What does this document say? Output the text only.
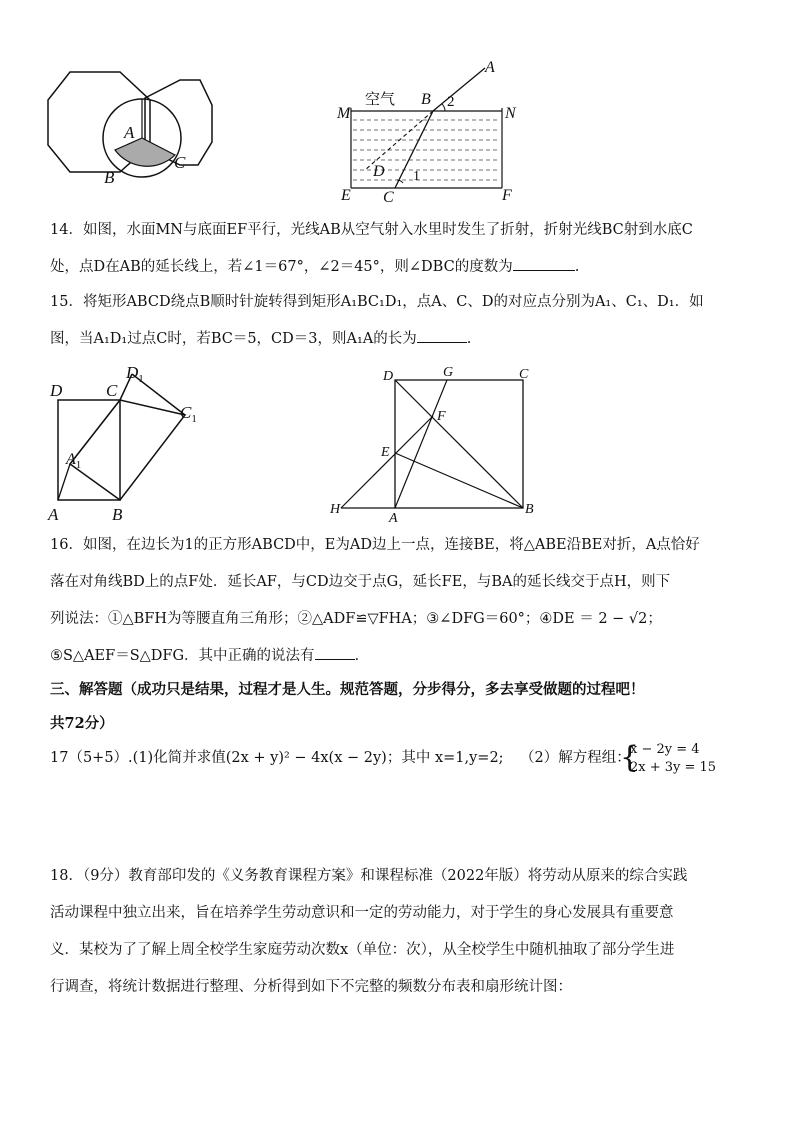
A
B
C
A
B 2
空气
M	N
D 1
E C	F
14．如图，水面MN与底面EF平行，光线AB从空气射入水里时发生了折射，折射光线BC射到水底C
处，点D在AB的延长线上，若∠1＝67°，∠2＝45°，则∠DBC的度数为	.
15．将矩形ABCD绕点B顺时针旋转得到矩形A₁BC₁D₁，点A、C、D的对应点分别为A₁、C₁、D₁．如
图，当A₁D₁过点C时，若BC＝5，CD＝3，则A₁A的长为	.
D	C
$D_1$
$C_1$
$A_1$
A	B
D	G	C
F
E
H
A
B
16．如图，在边长为1的正方形ABCD中，E为AD边上一点，连接BE，将△ABE沿BE对折，A点恰好
落在对角线BD上的点F处．延长AF，与CD边交于点G，延长FE，与BA的延长线交于点H，则下
列说法：①△BFH为等腰直角三角形；②△ADF≌▽FHA；③∠DFG＝60°；④DE ＝ 2 − √2；
⑤S△AEF＝S△DFG．其中正确的说法有	．
三、解答题（成功只是结果，过程才是人生。规范答题，分步得分，多去享受做题的过程吧！
共72分）
17（5+5）.(1)化简并求值(2x + y)² − 4x(x − 2y)；其中 x=1,y=2; （2）解方程组：
{
x − 2y = 4
2x + 3y = 15
18．（9分）教育部印发的《义务教育课程方案》和课程标准（2022年版）将劳动从原来的综合实践
活动课程中独立出来，旨在培养学生劳动意识和一定的劳动能力，对于学生的身心发展具有重要意
义．某校为了了解上周全校学生家庭劳动次数x（单位：次），从全校学生中随机抽取了部分学生进
行调查，将统计数据进行整理、分析得到如下不完整的频数分布表和扇形统计图：
